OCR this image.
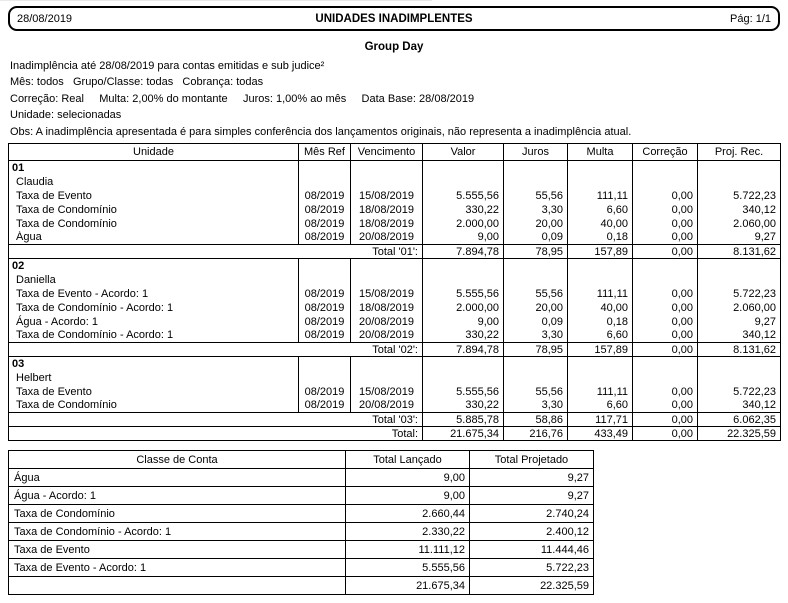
28/08/2019	UNIDADES INADIMPLENTES	Pág: 1/1
Group Day
Inadimplência até 28/08/2019 para contas emitidas e sub judice²
Mês: todos   Grupo/Classe: todas   Cobrança: todas
Correção: Real     Multa: 2,00% do montante     Juros: 1,00% ao mês     Data Base: 28/08/2019
Unidade: selecionadas
Obs: A inadimplência apresentada é para simples conferência dos lançamentos originais, não representa a inadimplência atual.
Unidade	Mês Ref	Vencimento	Valor	Juros	Multa	Correção	Proj. Rec.
01							
Claudia							
Taxa de Evento	08/2019	15/08/2019	5.555,56	55,56	111,11	0,00	5.722,23
Taxa de Condomínio	08/2019	18/08/2019	330,22	3,30	6,60	0,00	340,12
Taxa de Condomínio	08/2019	18/08/2019	2.000,00	20,00	40,00	0,00	2.060,00
Água	08/2019	20/08/2019	9,00	0,09	0,18	0,00	9,27
Total '01':			7.894,78	78,95	157,89	0,00	8.131,62
02							
Daniella							
Taxa de Evento - Acordo: 1	08/2019	15/08/2019	5.555,56	55,56	111,11	0,00	5.722,23
Taxa de Condomínio - Acordo: 1	08/2019	18/08/2019	2.000,00	20,00	40,00	0,00	2.060,00
Água - Acordo: 1	08/2019	20/08/2019	9,00	0,09	0,18	0,00	9,27
Taxa de Condomínio - Acordo: 1	08/2019	20/08/2019	330,22	3,30	6,60	0,00	340,12
Total '02':			7.894,78	78,95	157,89	0,00	8.131,62
03							
Helbert							
Taxa de Evento	08/2019	15/08/2019	5.555,56	55,56	111,11	0,00	5.722,23
Taxa de Condomínio	08/2019	20/08/2019	330,22	3,30	6,60	0,00	340,12
Total '03':			5.885,78	58,86	117,71	0,00	6.062,35
Total:			21.675,34	216,76	433,49	0,00	22.325,59
Classe de Conta	Total Lançado	Total Projetado
Água	9,00	9,27
Água - Acordo: 1	9,00	9,27
Taxa de Condomínio	2.660,44	2.740,24
Taxa de Condomínio - Acordo: 1	2.330,22	2.400,12
Taxa de Evento	11.111,12	11.444,46
Taxa de Evento - Acordo: 1	5.555,56	5.722,23
	21.675,34	22.325,59
